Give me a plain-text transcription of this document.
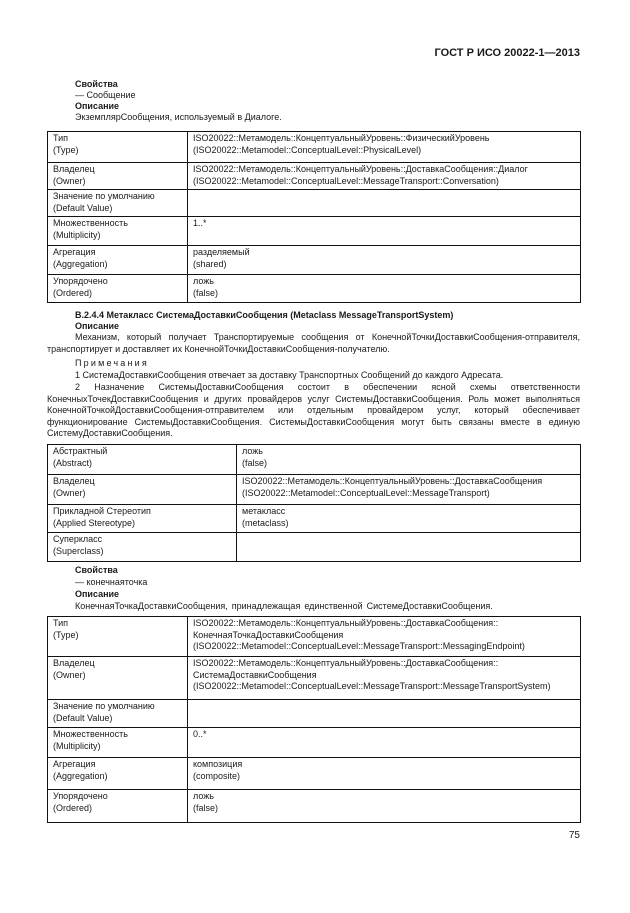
ГОСТ Р ИСО 20022-1—2013
Свойства
— Сообщение
Описание
ЭкземплярСообщения, используемый в Диалоге.
Тип
(Type)	ISO20022::Метамодель::КонцептуальныйУровень::ФизическийУровень
(ISO20022::Metamodel::ConceptualLevel::PhysicalLevel)
Владелец
(Owner)	ISO20022::Метамодель::КонцептуальныйУровень::ДоставкаСообщения::Диалог
(ISO20022::Metamodel::ConceptualLevel::MessageTransport::Conversation)
Значение по умолчанию
(Default Value)	
Множественность
(Multiplicity)	1..*
Агрегация
(Aggregation)	разделяемый
(shared)
Упорядочено
(Ordered)	ложь
(false)
B.2.4.4 Метакласс СистемаДоставкиСообщения (Metaclass MessageTransportSystem)
Описание
Механизм, который получает Транспортируемые сообщения от КонечнойТочкиДоставкиСообщения-отправителя, транспортирует и доставляет их КонечнойТочкиДоставкиСообщения-получателю.
Примечания
1 СистемаДоставкиСообщения отвечает за доставку Транспортных Сообщений до каждого Адресата.
2 Назначение СистемыДоставкиСообщения состоит в обеспечении ясной схемы ответственности КонечныхТочекДоставкиСообщения и других провайдеров услуг СистемыДоставкиСообщения. Роль может выполняться КонечнойТочкойДоставкиСообщения-отправителем или отдельным провайдером услуг, который обеспечивает функционирование СистемыДоставкиСообщения. СистемыДоставкиСообщения могут быть связаны вместе в единую СистемуДоставкиСообщения.
Абстрактный
(Abstract)	ложь
(false)
Владелец
(Owner)	ISO20022::Метамодель::КонцептуальныйУровень::ДоставкаСообщения
(ISO20022::Metamodel::ConceptualLevel::MessageTransport)
Прикладной Стереотип
(Applied Stereotype)	метакласс
(metaclass)
Суперкласс
(Superclass)	
Свойства
— конечнаяточка
Описание
КонечнаяТочкаДоставкиСообщения, принадлежащая единственной СистемеДоставкиСообщения.
Тип
(Type)	ISO20022::Метамодель::КонцептуальныйУровень::ДоставкаСообщения::
КонечнаяТочкаДоставкиСообщения
(ISO20022::Metamodel::ConceptualLevel::MessageTransport::MessagingEndpoint)
Владелец
(Owner)	ISO20022::Метамодель::КонцептуальныйУровень::ДоставкаСообщения::
СистемаДоставкиСообщения
(ISO20022::Metamodel::ConceptualLevel::MessageTransport::MessageTransportSystem)
Значение по умолчанию
(Default Value)	
Множественность
(Multiplicity)	0..*
Агрегация
(Aggregation)	композиция
(composite)
Упорядочено
(Ordered)	ложь
(false)
75
